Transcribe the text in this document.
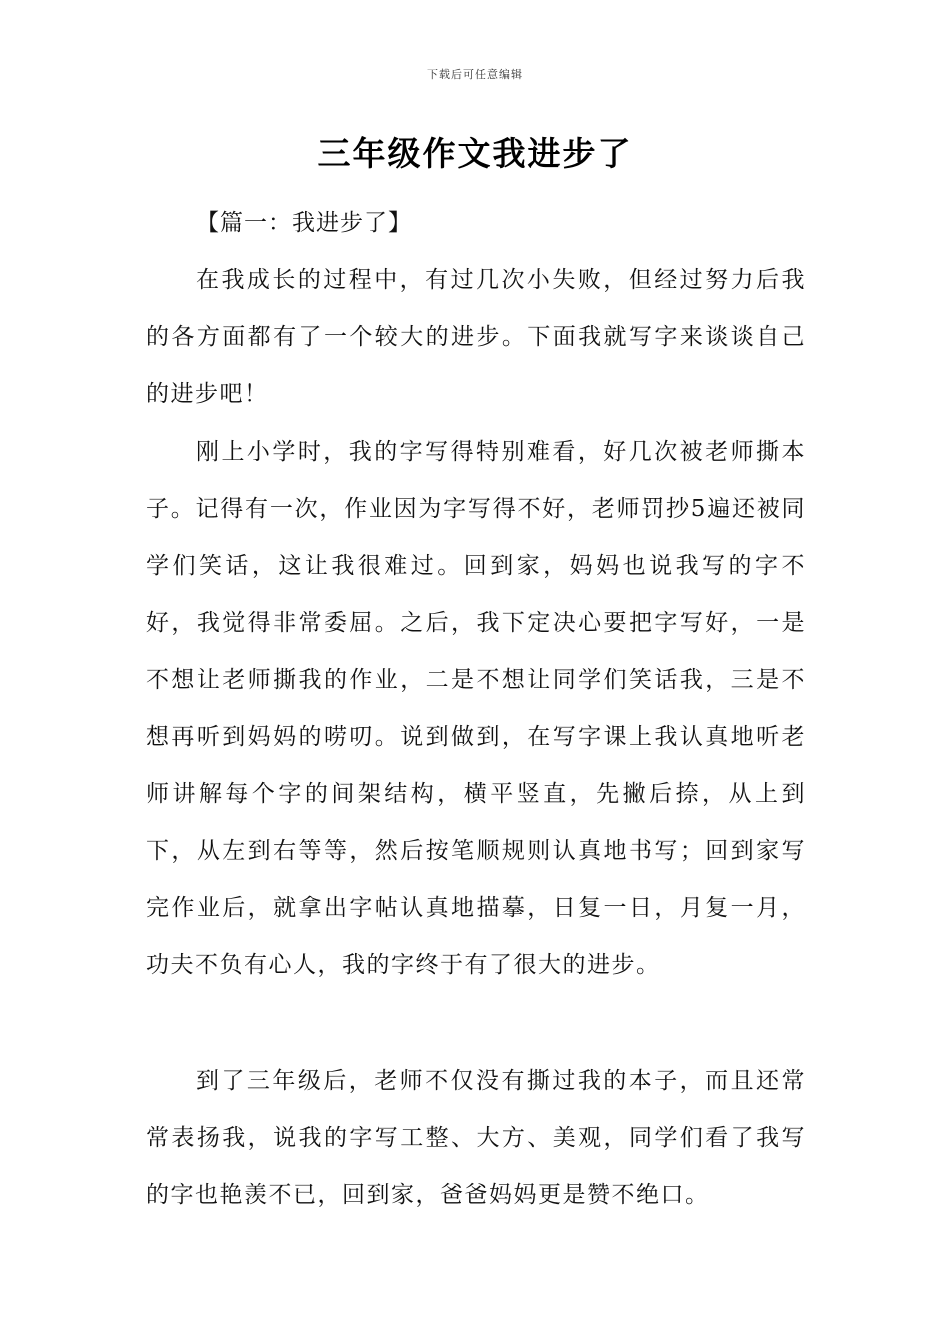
下载后可任意编辑
三年级作文我进步了
【篇一：我进步了】

在我成长的过程中，有过几次小失败，但经过努力后我的各方面都有了一个较大的进步。下面我就写字来谈谈自己的进步吧！

刚上小学时，我的字写得特别难看，好几次被老师撕本子。记得有一次，作业因为字写得不好，老师罚抄5遍还被同学们笑话，这让我很难过。回到家，妈妈也说我写的字不好，我觉得非常委屈。之后，我下定决心要把字写好，一是不想让老师撕我的作业，二是不想让同学们笑话我，三是不想再听到妈妈的唠叨。说到做到，在写字课上我认真地听老师讲解每个字的间架结构，横平竖直，先撇后捺，从上到下，从左到右等等，然后按笔顺规则认真地书写；回到家写完作业后，就拿出字帖认真地描摹，日复一日，月复一月，功夫不负有心人，我的字终于有了很大的进步。

到了三年级后，老师不仅没有撕过我的本子，而且还常常表扬我，说我的字写工整、大方、美观，同学们看了我写的字也艳羡不已，回到家，爸爸妈妈更是赞不绝口。
